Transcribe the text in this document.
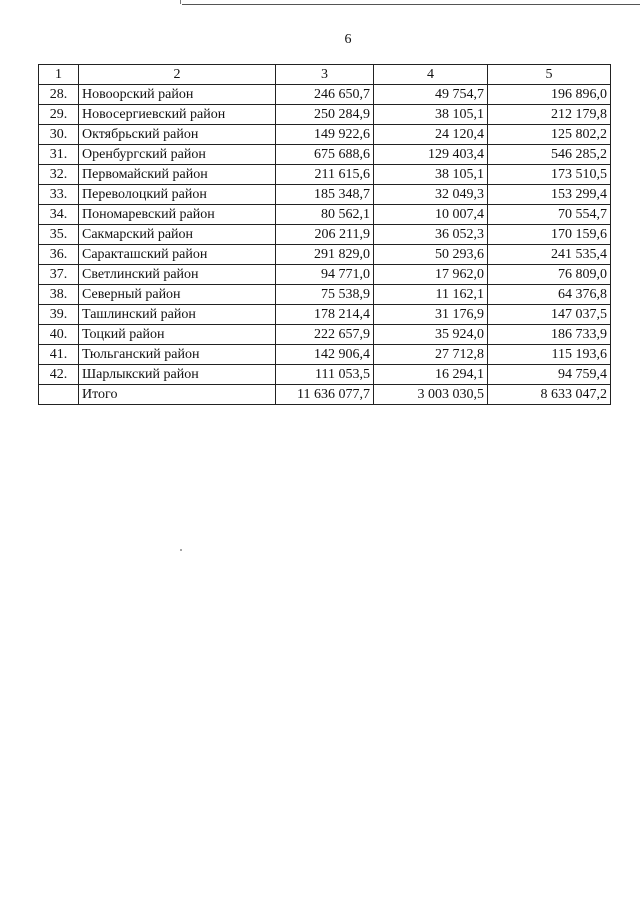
6
1	2	3	4	5
28.	Новоорский район	246 650,7	49 754,7	196 896,0
29.	Новосергиевский район	250 284,9	38 105,1	212 179,8
30.	Октябрьский район	149 922,6	24 120,4	125 802,2
31.	Оренбургский район	675 688,6	129 403,4	546 285,2
32.	Первомайский район	211 615,6	38 105,1	173 510,5
33.	Переволоцкий район	185 348,7	32 049,3	153 299,4
34.	Пономаревский район	80 562,1	10 007,4	70 554,7
35.	Сакмарский район	206 211,9	36 052,3	170 159,6
36.	Саракташский район	291 829,0	50 293,6	241 535,4
37.	Светлинский район	94 771,0	17 962,0	76 809,0
38.	Северный район	75 538,9	11 162,1	64 376,8
39.	Ташлинский район	178 214,4	31 176,9	147 037,5
40.	Тоцкий район	222 657,9	35 924,0	186 733,9
41.	Тюльганский район	142 906,4	27 712,8	115 193,6
42.	Шарлыкский район	111 053,5	16 294,1	94 759,4
	Итого	11 636 077,7	3 003 030,5	8 633 047,2
